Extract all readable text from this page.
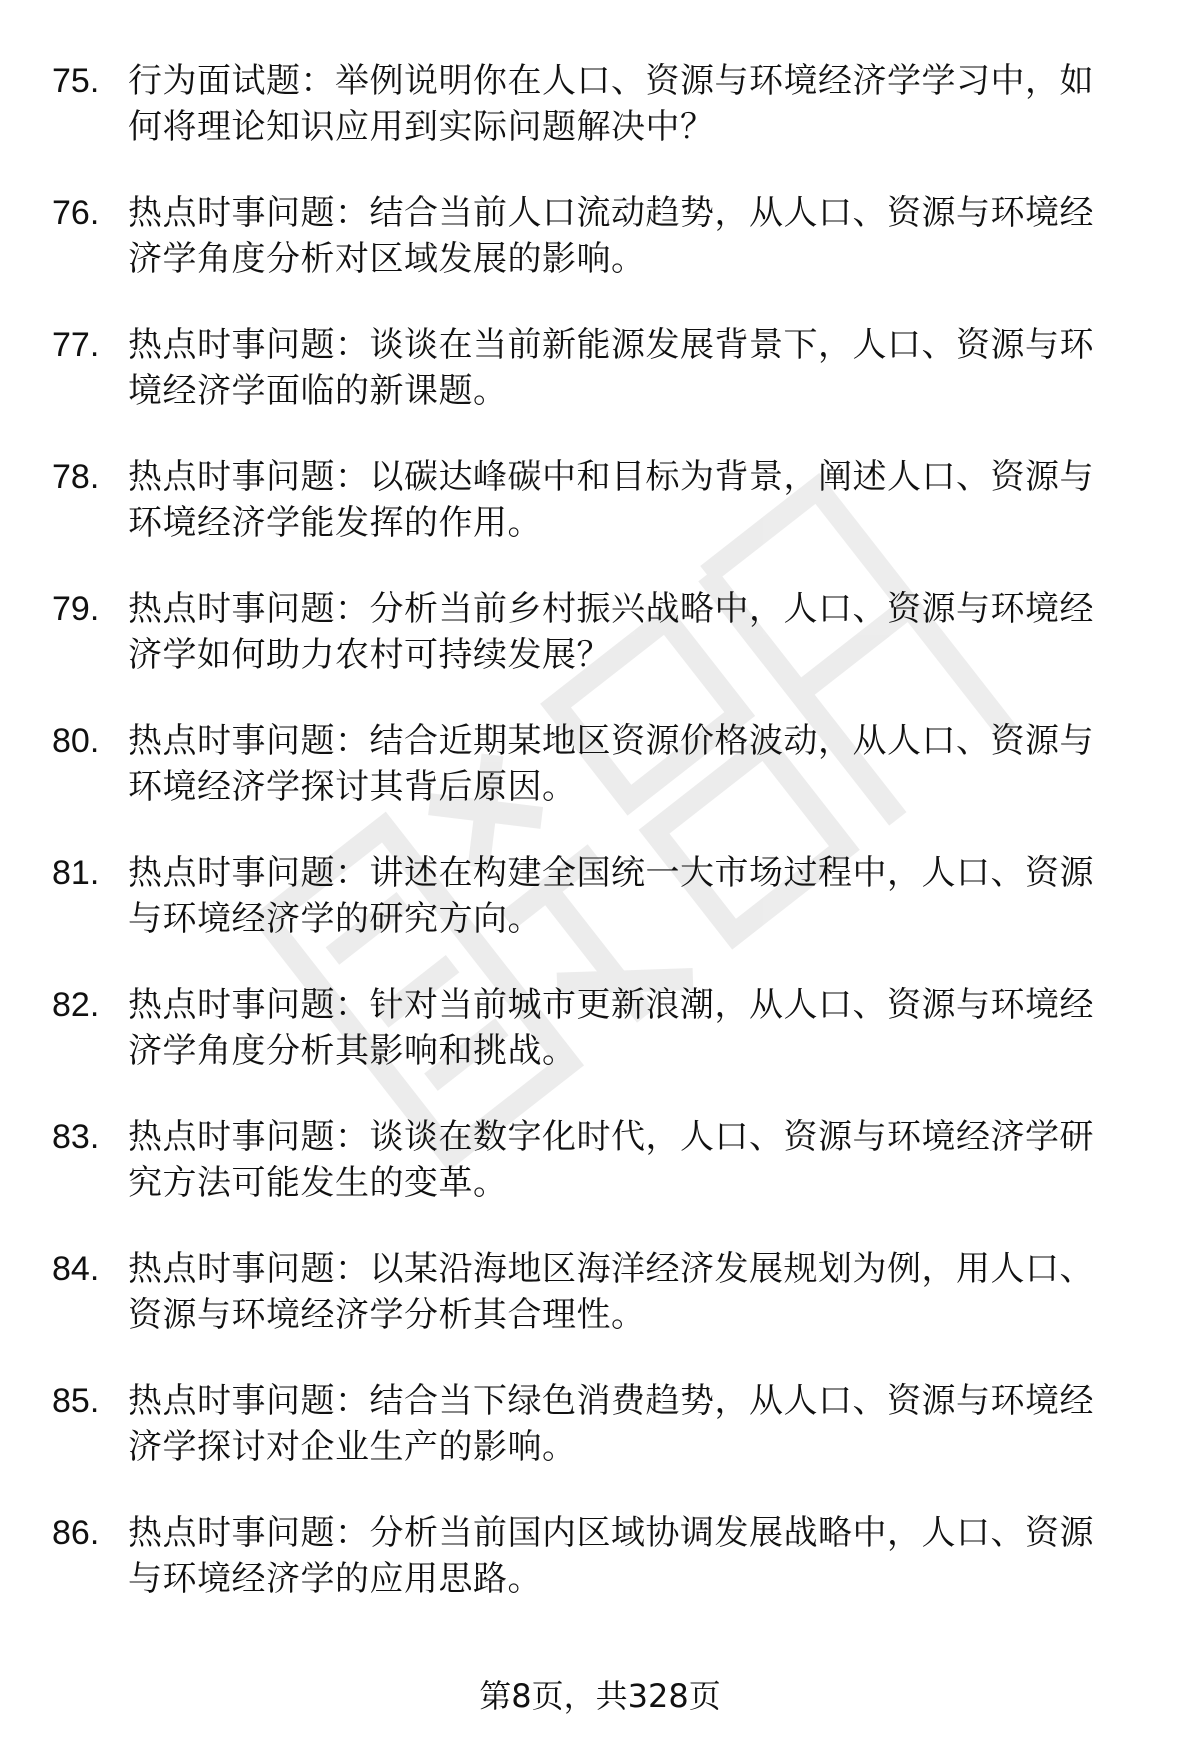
75. 行为面试题：举例说明你在人口、资源与环境经济学学习中，如
何将理论知识应用到实际问题解决中？
76. 热点时事问题：结合当前人口流动趋势，从人口、资源与环境经
济学角度分析对区域发展的影响。
77. 热点时事问题：谈谈在当前新能源发展背景下，人口、资源与环
境经济学面临的新课题。
78. 热点时事问题：以碳达峰碳中和目标为背景，阐述人口、资源与
环境经济学能发挥的作用。
79. 热点时事问题：分析当前乡村振兴战略中，人口、资源与环境经
济学如何助力农村可持续发展？
80. 热点时事问题：结合近期某地区资源价格波动，从人口、资源与
环境经济学探讨其背后原因。
81. 热点时事问题：讲述在构建全国统一大市场过程中，人口、资源
与环境经济学的研究方向。
82. 热点时事问题：针对当前城市更新浪潮，从人口、资源与环境经
济学角度分析其影响和挑战。
83. 热点时事问题：谈谈在数字化时代，人口、资源与环境经济学研
究方法可能发生的变革。
84. 热点时事问题：以某沿海地区海洋经济发展规划为例，用人口、
资源与环境经济学分析其合理性。
85. 热点时事问题：结合当下绿色消费趋势，从人口、资源与环境经
济学探讨对企业生产的影响。
86. 热点时事问题：分析当前国内区域协调发展战略中，人口、资源
与环境经济学的应用思路。
第8页，共328页
